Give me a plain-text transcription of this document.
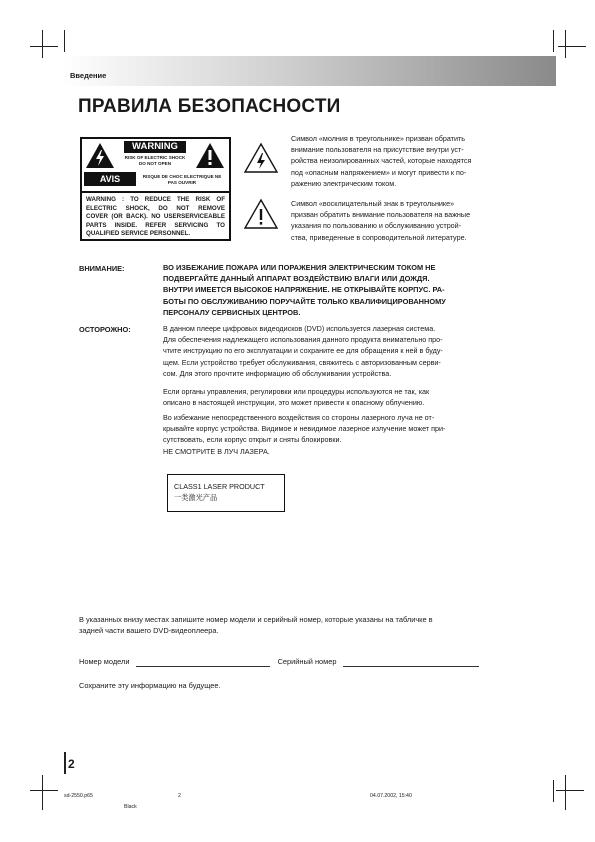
Введение
ПРАВИЛА БЕЗОПАСНОСТИ
WARNING
RISK OF ELECTRIC SHOCK
DO NOT OPEN
AVIS	RISQUE DE CHOC ELECTRIQUE NE
PAS OUVRIR
WARNING : TO REDUCE THE RISK OF
ELECTRIC SHOCK, DO NOT REMOVE
COVER (OR BACK). NO USERSERVICEABLE
PARTS INSIDE. REFER SERVICING TO
QUALIFIED SERVICE PERSONNEL.
Символ «молния в треугольнике» призван обратить
внимание пользователя на присутствие внутри уст-
ройства неизолированных частей, которые находятся
под «опасным напряжением» и могут привести к по-
ражению электрическим током.
Символ «восклицательный знак в треугольнике»
призван обратить внимание пользователя на важные
указания по пользованию и обслуживанию устрой-
ства, приведенные в сопроводительной литературе.
ВНИМАНИЕ:	ВО ИЗБЕЖАНИЕ ПОЖАРА ИЛИ ПОРАЖЕНИЯ ЭЛЕКТРИЧЕСКИМ ТОКОМ НЕ
ПОДВЕРГАЙТЕ ДАННЫЙ АППАРАТ ВОЗДЕЙСТВИЮ ВЛАГИ ИЛИ ДОЖДЯ.
ВНУТРИ ИМЕЕТСЯ ВЫСОКОЕ НАПРЯЖЕНИЕ. НЕ ОТКРЫВАЙТЕ КОРПУС. РА-
БОТЫ ПО ОБСЛУЖИВАНИЮ ПОРУЧАЙТЕ ТОЛЬКО КВАЛИФИЦИРОВАННОМУ
ПЕРСОНАЛУ СЕРВИСНЫХ ЦЕНТРОВ.
ОСТОРОЖНО:	В данном плеере цифровых видеодисков (DVD) используется лазерная система.
Для обеспечения надлежащего использования данного продукта внимательно про-
чтите инструкцию по его эксплуатации и сохраните ее для обращения к ней в буду-
щем. Если устройство требует обслуживания, свяжитесь с авторизованным серви-
сом. Для этого прочтите информацию об обслуживании устройства.
Если органы управления, регулировки или процедуры используются не так, как
описано в настоящей инструкции, это может привести к опасному облучению.
Во избежание непосредственного воздействия со стороны лазерного луча не от-
крывайте корпус устройства. Видимое и невидимое лазерное излучение может при-
сутствовать, если корпус открыт и сняты блокировки.
НЕ СМОТРИТЕ В ЛУЧ ЛАЗЕРА.
CLASS1 LASER PRODUCT
一类激光产品
В указанных внизу местах запишите номер модели и серийный номер, которые указаны на табличке в
задней части вашего DVD-видеоплеера.
Номер модели	Серийный номер
Сохраните эту информацию на будущее.
2
sd-2550.p65	2	04.07.2002, 15:40
Black
